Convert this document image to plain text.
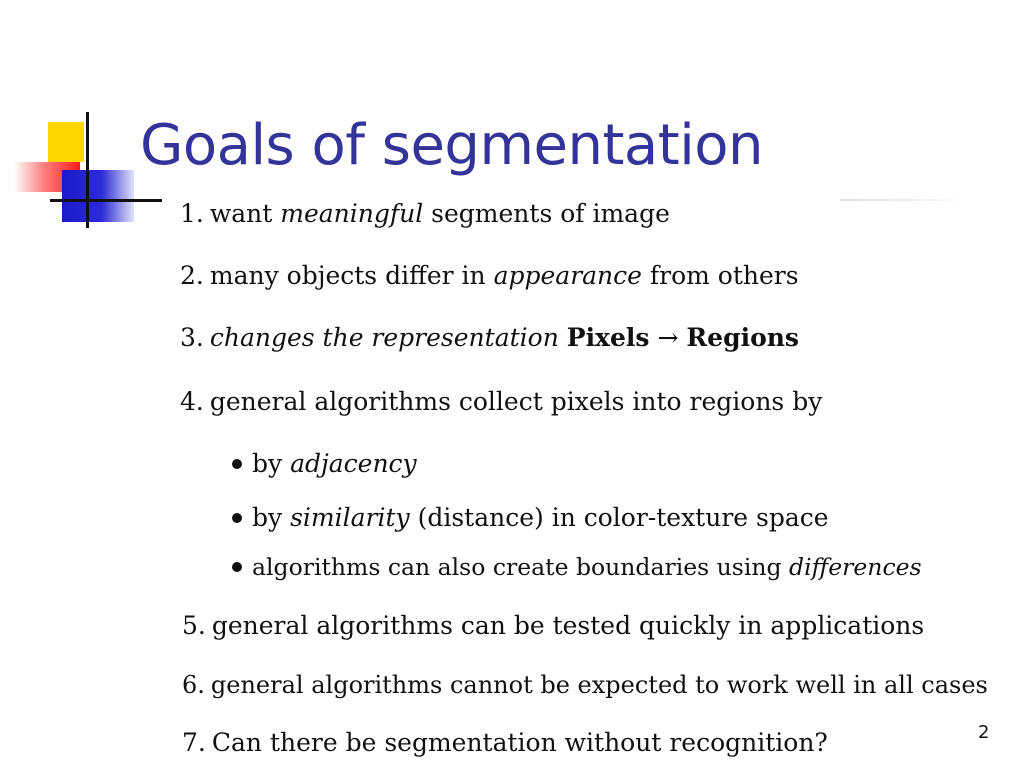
Goals of segmentation
1. want meaningful segments of image
2. many objects differ in appearance from others
3. changes the representation Pixels → Regions
4. general algorithms collect pixels into regions by
by adjacency
by similarity (distance) in color-texture space
algorithms can also create boundaries using differences
5. general algorithms can be tested quickly in applications
6. general algorithms cannot be expected to work well in all cases
7. Can there be segmentation without recognition?	2
